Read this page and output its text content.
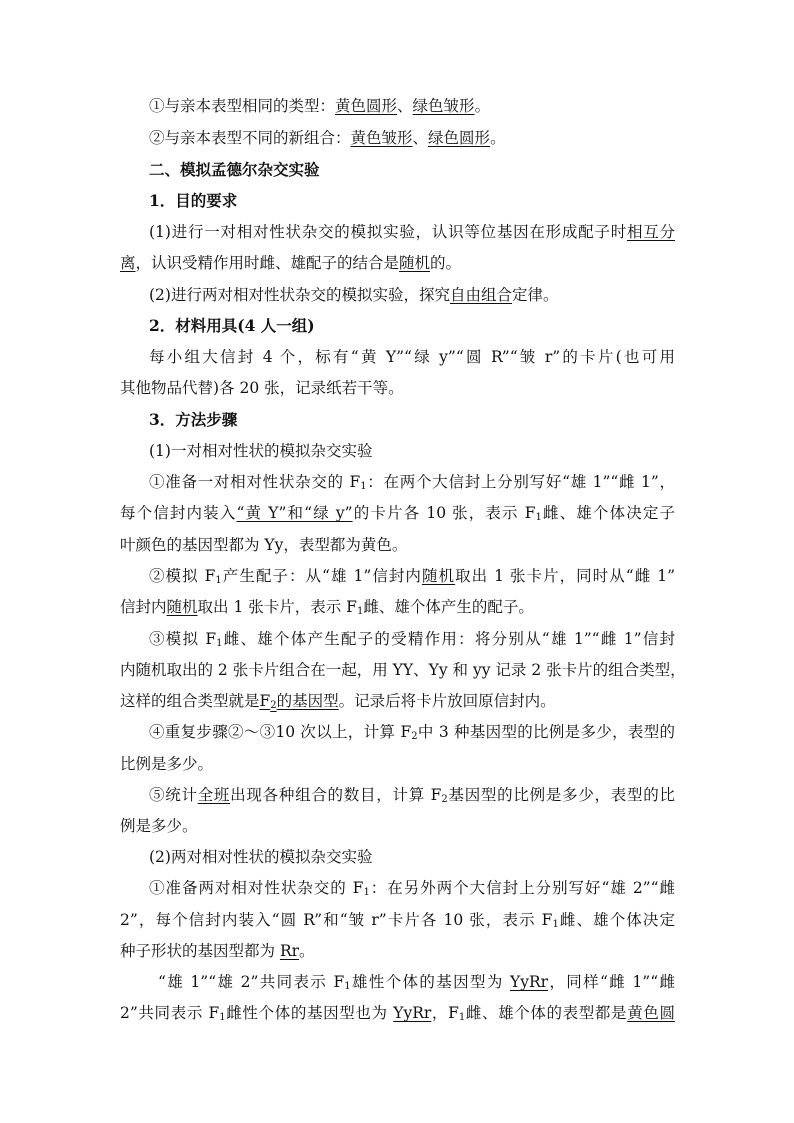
①与亲本表型相同的类型：黄色圆形、绿色皱形。
②与亲本表型不同的新组合：黄色皱形、绿色圆形。
二、模拟孟德尔杂交实验
1．目的要求
(1)进行一对相对性状杂交的模拟实验，认识等位基因在形成配子时相互分
离，认识受精作用时雌、雄配子的结合是随机的。
(2)进行两对相对性状杂交的模拟实验，探究自由组合定律。
2．材料用具(4 人一组)
每小组大信封 4 个，标有“黄 Y”“绿 y”“圆 R”“皱 r”的卡片(也可用
其他物品代替)各 20 张，记录纸若干等。
3．方法步骤
(1)一对相对性状的模拟杂交实验
①准备一对相对性状杂交的 $F_1$：在两个大信封上分别写好“雄 1”“雌 1”，
每个信封内装入“黄 Y”和“绿 y”的卡片各 10 张，表示 $F_1$雌、雄个体决定子
叶颜色的基因型都为 Yy，表型都为黄色。
②模拟 $F_1$产生配子：从“雄 1”信封内随机取出 1 张卡片，同时从“雌 1”
信封内随机取出 1 张卡片，表示 $F_1$雌、雄个体产生的配子。
③模拟 $F_1$雌、雄个体产生配子的受精作用：将分别从“雄 1”“雌 1”信封
内随机取出的 2 张卡片组合在一起，用 YY、Yy 和 yy 记录 2 张卡片的组合类型，
这样的组合类型就是$F_2$的基因型。记录后将卡片放回原信封内。
④重复步骤②～③10 次以上，计算 $F_2$中 3 种基因型的比例是多少，表型的
比例是多少。
⑤统计全班出现各种组合的数目，计算 $F_2$基因型的比例是多少，表型的比
例是多少。
(2)两对相对性状的模拟杂交实验
①准备两对相对性状杂交的 $F_1$：在另外两个大信封上分别写好“雄 2”“雌
2”，每个信封内装入“圆 R”和“皱 r”卡片各 10 张，表示 $F_1$雌、雄个体决定
种子形状的基因型都为 Rr。
“雄 1”“雄 2”共同表示 $F_1$雄性个体的基因型为 YyRr，同样“雌 1”“雌
2”共同表示 $F_1$雌性个体的基因型也为 YyRr，$F_1$雌、雄个体的表型都是黄色圆
